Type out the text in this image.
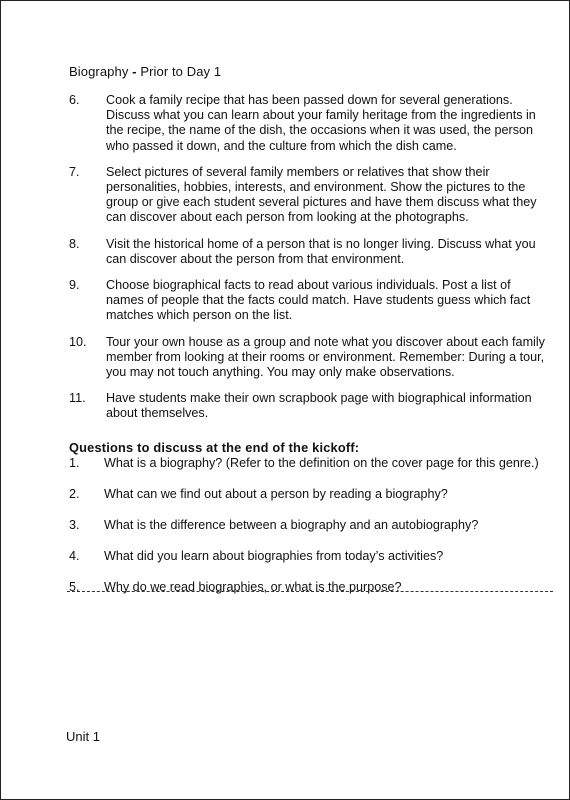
Biography - Prior to Day 1
6.	Cook a family recipe that has been passed down for several generations. Discuss what you can learn about your family heritage from the ingredients in the recipe, the name of the dish, the occasions when it was used, the person who passed it down, and the culture from which the dish came.
7.	Select pictures of several family members or relatives that show their personalities, hobbies, interests, and environment. Show the pictures to the group or give each student several pictures and have them discuss what they can discover about each person from looking at the photographs.
8.	Visit the historical home of a person that is no longer living. Discuss what you can discover about the person from that environment.
9.	Choose biographical facts to read about various individuals. Post a list of names of people that the facts could match. Have students guess which fact matches which person on the list.
10.	Tour your own house as a group and note what you discover about each family member from looking at their rooms or environment. Remember: During a tour, you may not touch anything. You may only make observations.
11.	Have students make their own scrapbook page with biographical information about themselves.
Questions to discuss at the end of the kickoff:
1.	What is a biography? (Refer to the definition on the cover page for this genre.)
2.	What can we find out about a person by reading a biography?
3.	What is the difference between a biography and an autobiography?
4.	What did you learn about biographies from today’s activities?
5.	Why do we read biographies, or what is the purpose?
Unit 1
